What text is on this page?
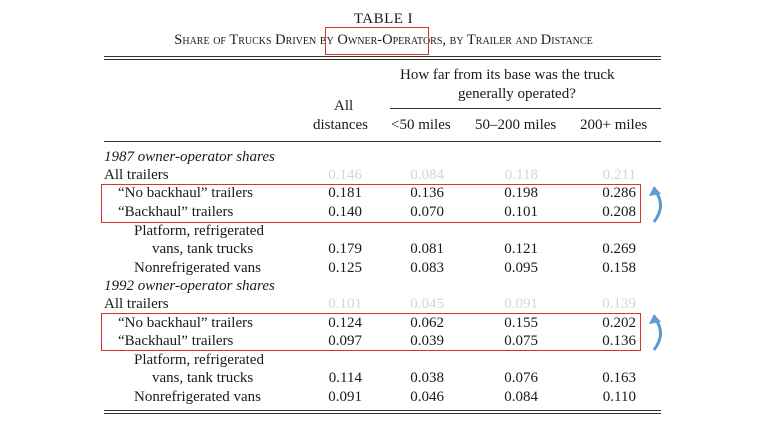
TABLE I
Share of Trucks Driven by Owner-Operators, by Trailer and Distance
How far from its base was the truck
generally operated?
All
distances <50 miles 50–200 miles 200+ miles
1987 owner-operator shares
All trailers	0.146	0.084	0.118	0.211
“No backhaul” trailers	0.181	0.136	0.198	0.286
“Backhaul” trailers	0.140	0.070	0.101	0.208
Platform, refrigerated
vans, tank trucks	0.179	0.081	0.121	0.269
Nonrefrigerated vans	0.125	0.083	0.095	0.158
1992 owner-operator shares
All trailers	0.101	0.045	0.091	0.139
“No backhaul” trailers	0.124	0.062	0.155	0.202
“Backhaul” trailers	0.097	0.039	0.075	0.136
Platform, refrigerated
vans, tank trucks	0.114	0.038	0.076	0.163
Nonrefrigerated vans	0.091	0.046	0.084	0.110
